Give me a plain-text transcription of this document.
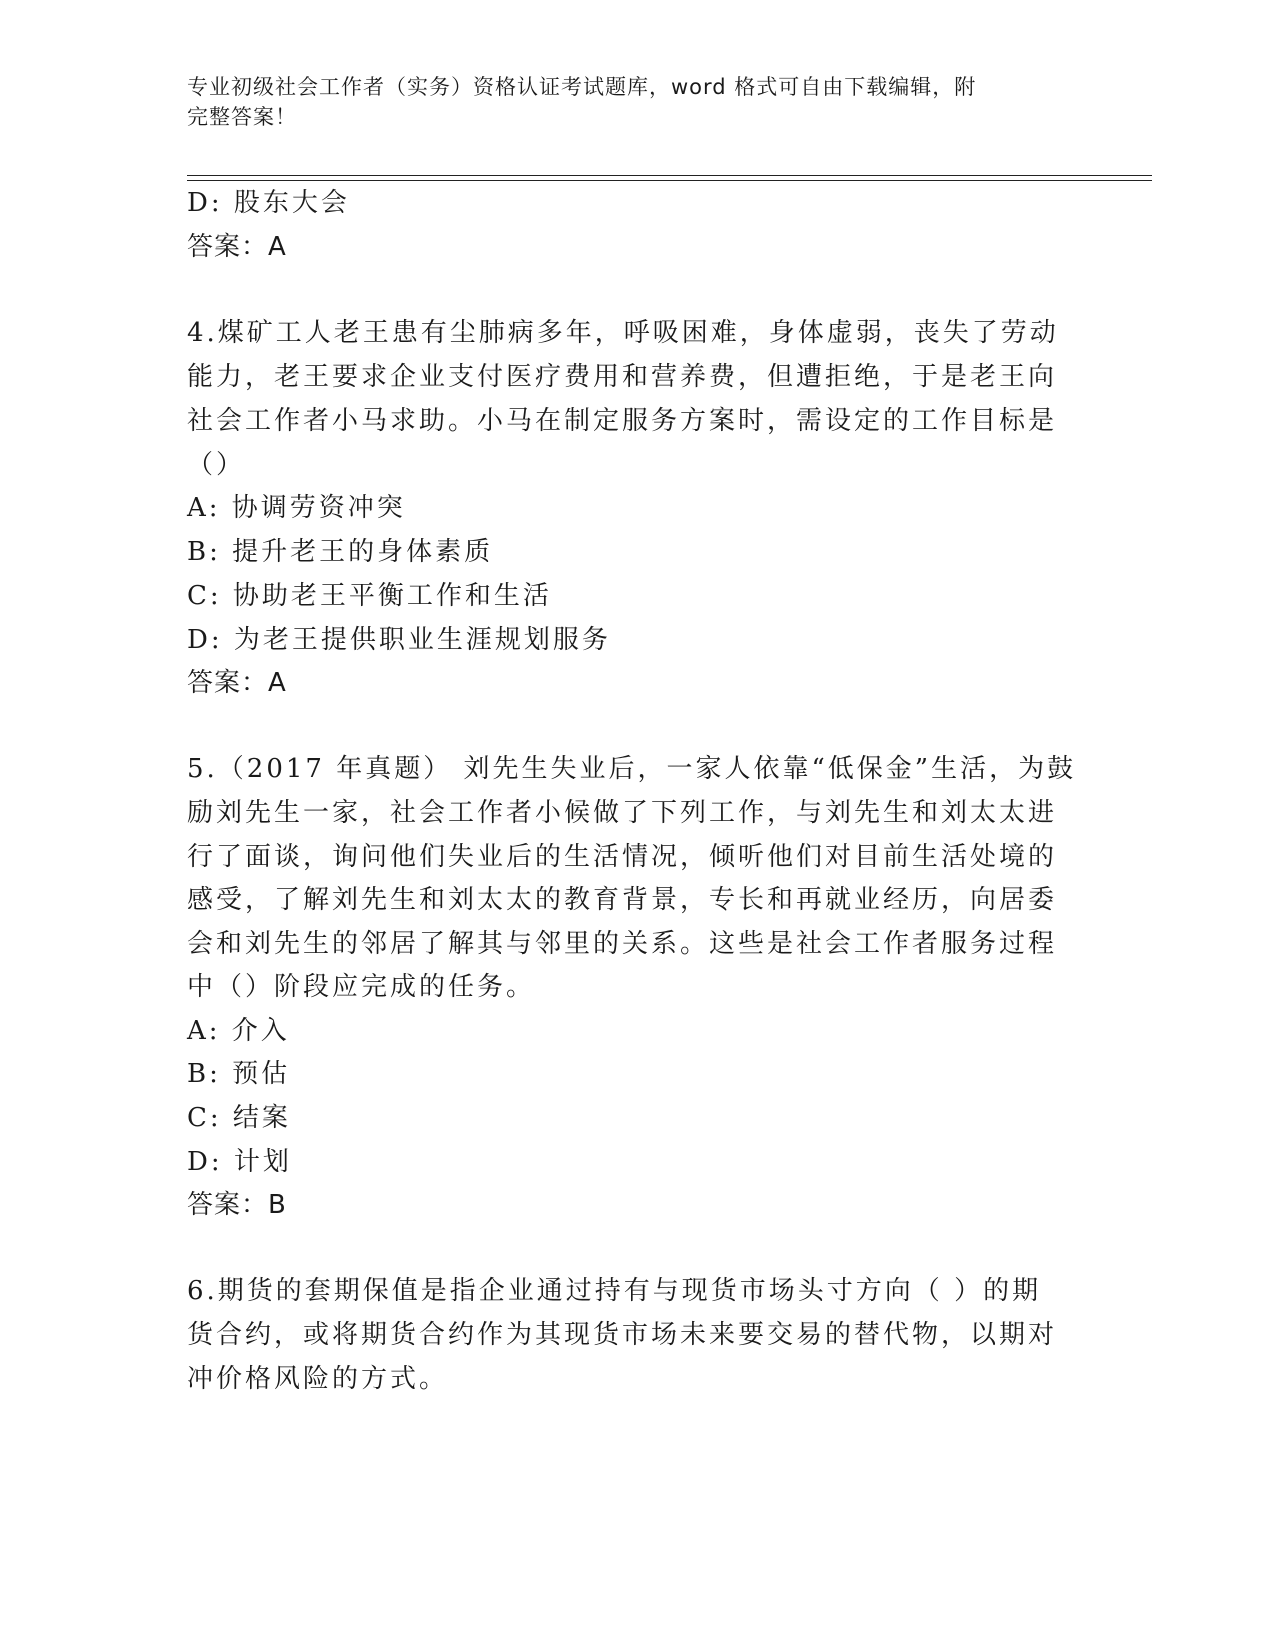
专业初级社会工作者（实务）资格认证考试题库，word 格式可自由下载编辑，附
完整答案！
D: 股东大会
答案：A
4.煤矿工人老王患有尘肺病多年，呼吸困难，身体虚弱，丧失了劳动
能力，老王要求企业支付医疗费用和营养费，但遭拒绝，于是老王向
社会工作者小马求助。小马在制定服务方案时，需设定的工作目标是
（）
A: 协调劳资冲突
B: 提升老王的身体素质
C: 协助老王平衡工作和生活
D: 为老王提供职业生涯规划服务
答案：A
5.（2017 年真题） 刘先生失业后，一家人依靠“低保金”生活，为鼓
励刘先生一家，社会工作者小候做了下列工作，与刘先生和刘太太进
行了面谈，询问他们失业后的生活情况，倾听他们对目前生活处境的
感受，了解刘先生和刘太太的教育背景，专长和再就业经历，向居委
会和刘先生的邻居了解其与邻里的关系。这些是社会工作者服务过程
中（）阶段应完成的任务。
A: 介入
B: 预估
C: 结案
D: 计划
答案：B
6.期货的套期保值是指企业通过持有与现货市场头寸方向（ ）的期
货合约，或将期货合约作为其现货市场未来要交易的替代物，以期对
冲价格风险的方式。
